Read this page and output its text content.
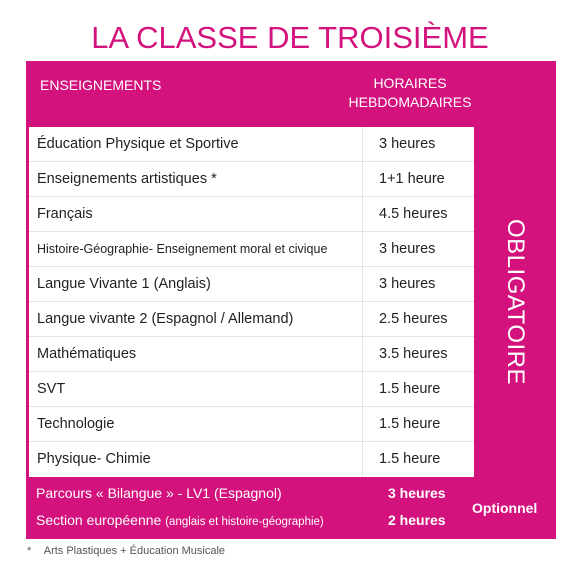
LA CLASSE DE TROISIÈME
ENSEIGNEMENTS	HORAIRES
HEBDOMADAIRES
Éducation Physique et Sportive	3 heures
Enseignements artistiques *	1+1 heure
Français	4.5 heures
Histoire-Géographie- Enseignement moral et civique	3 heures
Langue Vivante 1 (Anglais)	3 heures
Langue vivante 2 (Espagnol / Allemand)	2.5 heures
Mathématiques	3.5 heures
SVT	1.5 heure
Technologie	1.5 heure
Physique- Chimie	1.5 heure
OBLIGATOIRE
Parcours « Bilangue » - LV1 (Espagnol)	3 heures
Section européenne (anglais et histoire-géographie)	2 heures
Optionnel
* Arts Plastiques + Éducation Musicale
